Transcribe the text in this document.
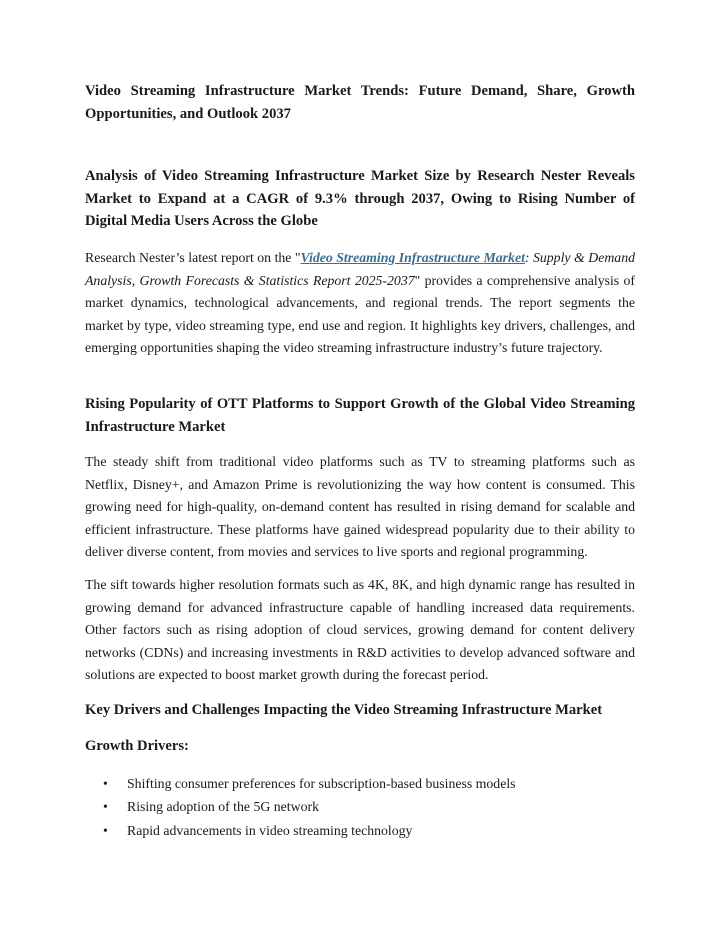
Video Streaming Infrastructure Market Trends: Future Demand, Share, Growth Opportunities, and Outlook 2037

Analysis of Video Streaming Infrastructure Market Size by Research Nester Reveals Market to Expand at a CAGR of 9.3% through 2037, Owing to Rising Number of Digital Media Users Across the Globe

Research Nester’s latest report on the "Video Streaming Infrastructure Market: Supply & Demand Analysis, Growth Forecasts & Statistics Report 2025-2037" provides a comprehensive analysis of market dynamics, technological advancements, and regional trends. The report segments the market by type, video streaming type, end use and region. It highlights key drivers, challenges, and emerging opportunities shaping the video streaming infrastructure industry’s future trajectory.

Rising Popularity of OTT Platforms to Support Growth of the Global Video Streaming Infrastructure Market

The steady shift from traditional video platforms such as TV to streaming platforms such as Netflix, Disney+, and Amazon Prime is revolutionizing the way how content is consumed. This growing need for high-quality, on-demand content has resulted in rising demand for scalable and efficient infrastructure. These platforms have gained widespread popularity due to their ability to deliver diverse content, from movies and services to live sports and regional programming.

The sift towards higher resolution formats such as 4K, 8K, and high dynamic range has resulted in growing demand for advanced infrastructure capable of handling increased data requirements. Other factors such as rising adoption of cloud services, growing demand for content delivery networks (CDNs) and increasing investments in R&D activities to develop advanced software and solutions are expected to boost market growth during the forecast period.

Key Drivers and Challenges Impacting the Video Streaming Infrastructure Market

Growth Drivers:

• Shifting consumer preferences for subscription-based business models
• Rising adoption of the 5G network
• Rapid advancements in video streaming technology
